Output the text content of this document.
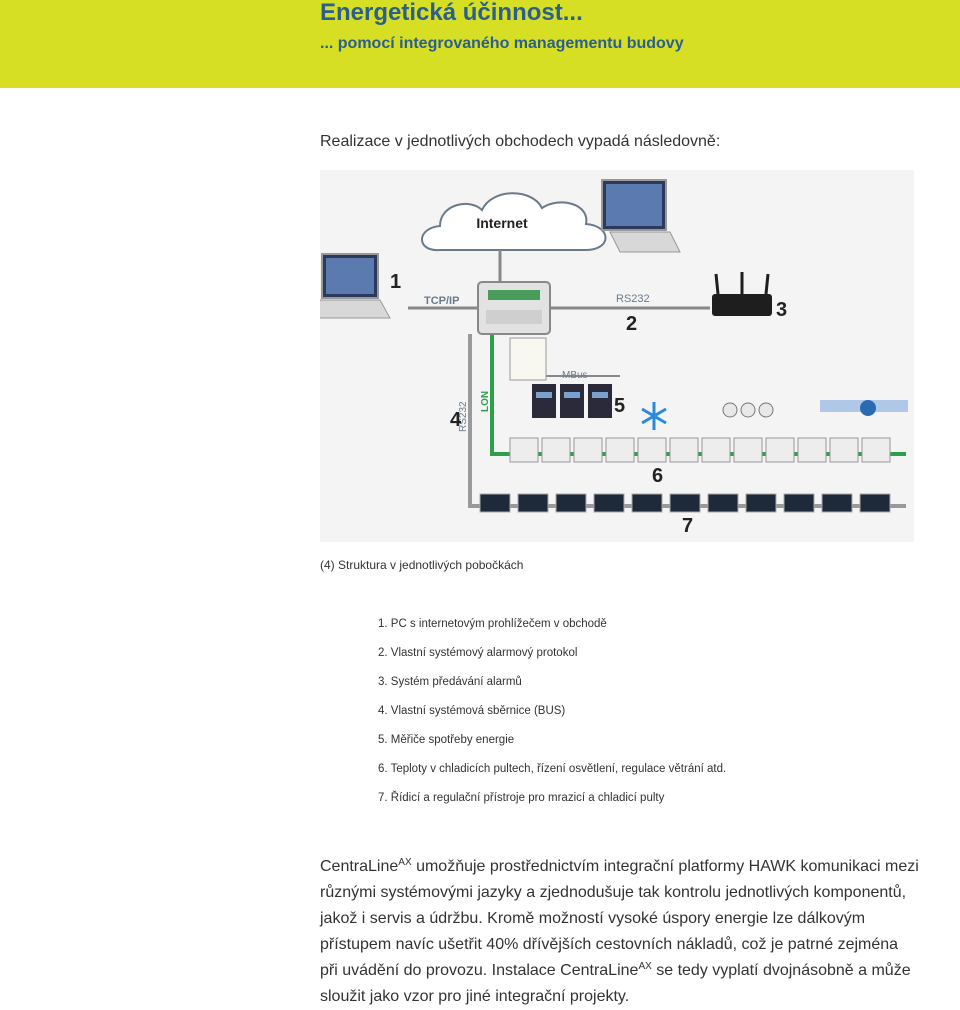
Energetická účinnost...
... pomocí integrovaného managementu budovy
Realizace v jednotlivých obchodech vypadá následovně:
Internet
TCP/IP	RS232
RS232 LON
MBus
1
2
3
4
5
6
7
(4) Struktura v jednotlivých pobočkách
1. PC s internetovým prohlížečem v obchodě
2. Vlastní systémový alarmový protokol
3. Systém předávání alarmů
4. Vlastní systémová sběrnice (BUS)
5. Měřiče spotřeby energie
6. Teploty v chladicích pultech, řízení osvětlení, regulace větrání atd.
7. Řídicí a regulační přístroje pro mrazicí a chladicí pulty

CentraLine$^{AX}$ umožňuje prostřednictvím integrační platformy HAWK komunikaci mezi různými systémovými jazyky a zjednodušuje tak kontrolu jednotlivých komponentů, jakož i servis a údržbu. Kromě možností vysoké úspory energie lze dálkovým přístupem navíc ušetřit 40% dřívějších cestovních nákladů, což je patrné zejména při uvádění do provozu. Instalace CentraLine$^{AX}$ se tedy vyplatí dvojnásobně a může sloužit jako vzor pro jiné integrační projekty.
